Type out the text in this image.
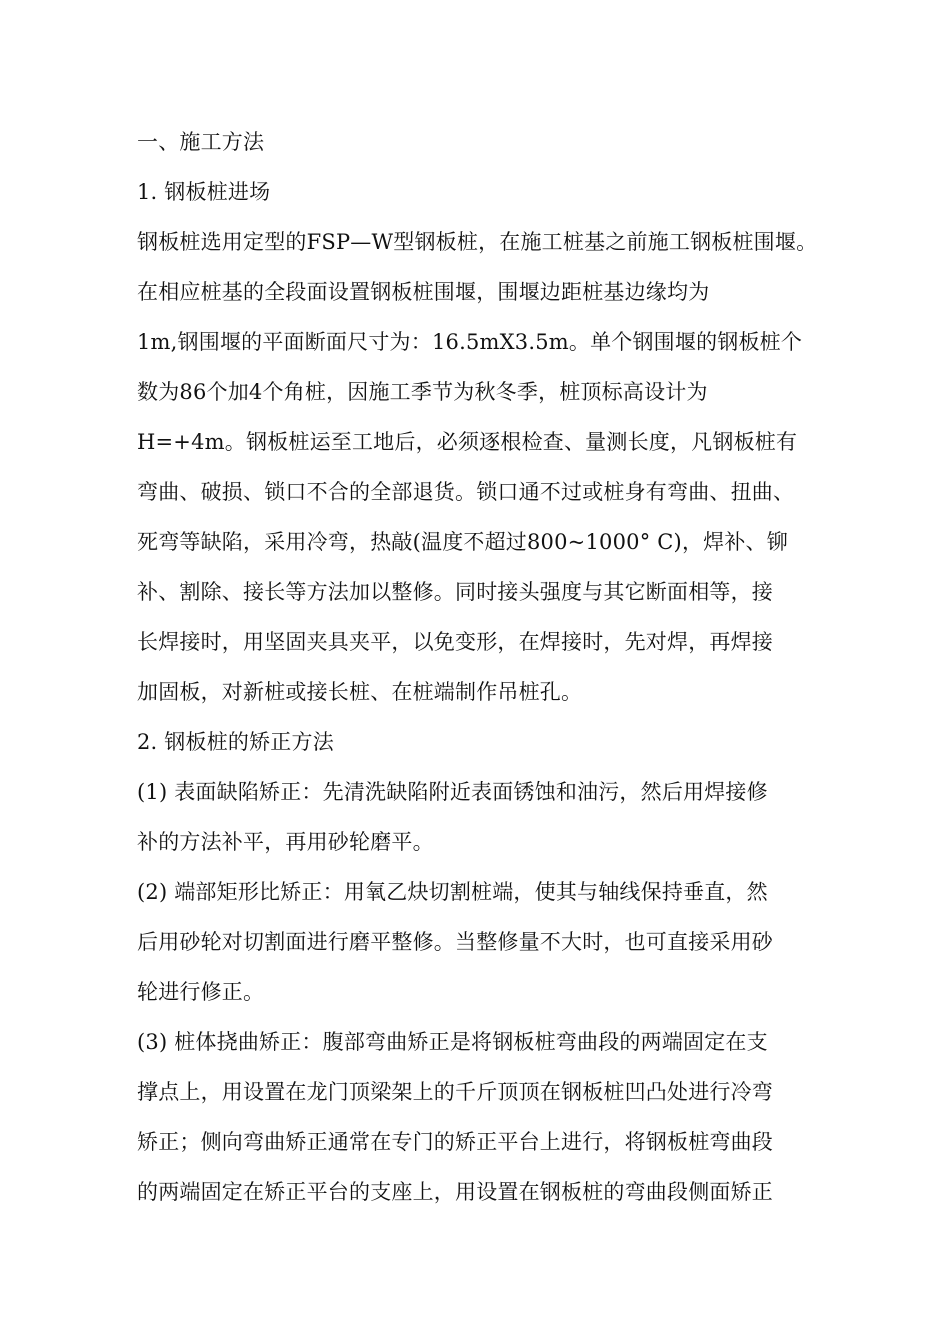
一、施工方法
1. 钢板桩进场
钢板桩选用定型的FSP—W型钢板桩，在施工桩基之前施工钢板桩围堰。
在相应桩基的全段面设置钢板桩围堰，围堰边距桩基边缘均为
1m,钢围堰的平面断面尺寸为：16.5mX3.5m。单个钢围堰的钢板桩个
数为86个加4个角桩，因施工季节为秋冬季，桩顶标高设计为
H=+4m。钢板桩运至工地后，必须逐根检查、量测长度，凡钢板桩有
弯曲、破损、锁口不合的全部退货。锁口通不过或桩身有弯曲、扭曲、
死弯等缺陷，采用冷弯，热敲(温度不超过800~1000° C)，焊补、铆
补、割除、接长等方法加以整修。同时接头强度与其它断面相等，接
长焊接时，用坚固夹具夹平，以免变形，在焊接时，先对焊，再焊接
加固板，对新桩或接长桩、在桩端制作吊桩孔。
2. 钢板桩的矫正方法
(1) 表面缺陷矫正：先清洗缺陷附近表面锈蚀和油污，然后用焊接修
补的方法补平，再用砂轮磨平。
(2) 端部矩形比矫正：用氧乙炔切割桩端，使其与轴线保持垂直，然
后用砂轮对切割面进行磨平整修。当整修量不大时，也可直接采用砂
轮进行修正。
(3) 桩体挠曲矫正：腹部弯曲矫正是将钢板桩弯曲段的两端固定在支
撑点上，用设置在龙门顶梁架上的千斤顶顶在钢板桩凹凸处进行冷弯
矫正；侧向弯曲矫正通常在专门的矫正平台上进行，将钢板桩弯曲段
的两端固定在矫正平台的支座上，用设置在钢板桩的弯曲段侧面矫正
